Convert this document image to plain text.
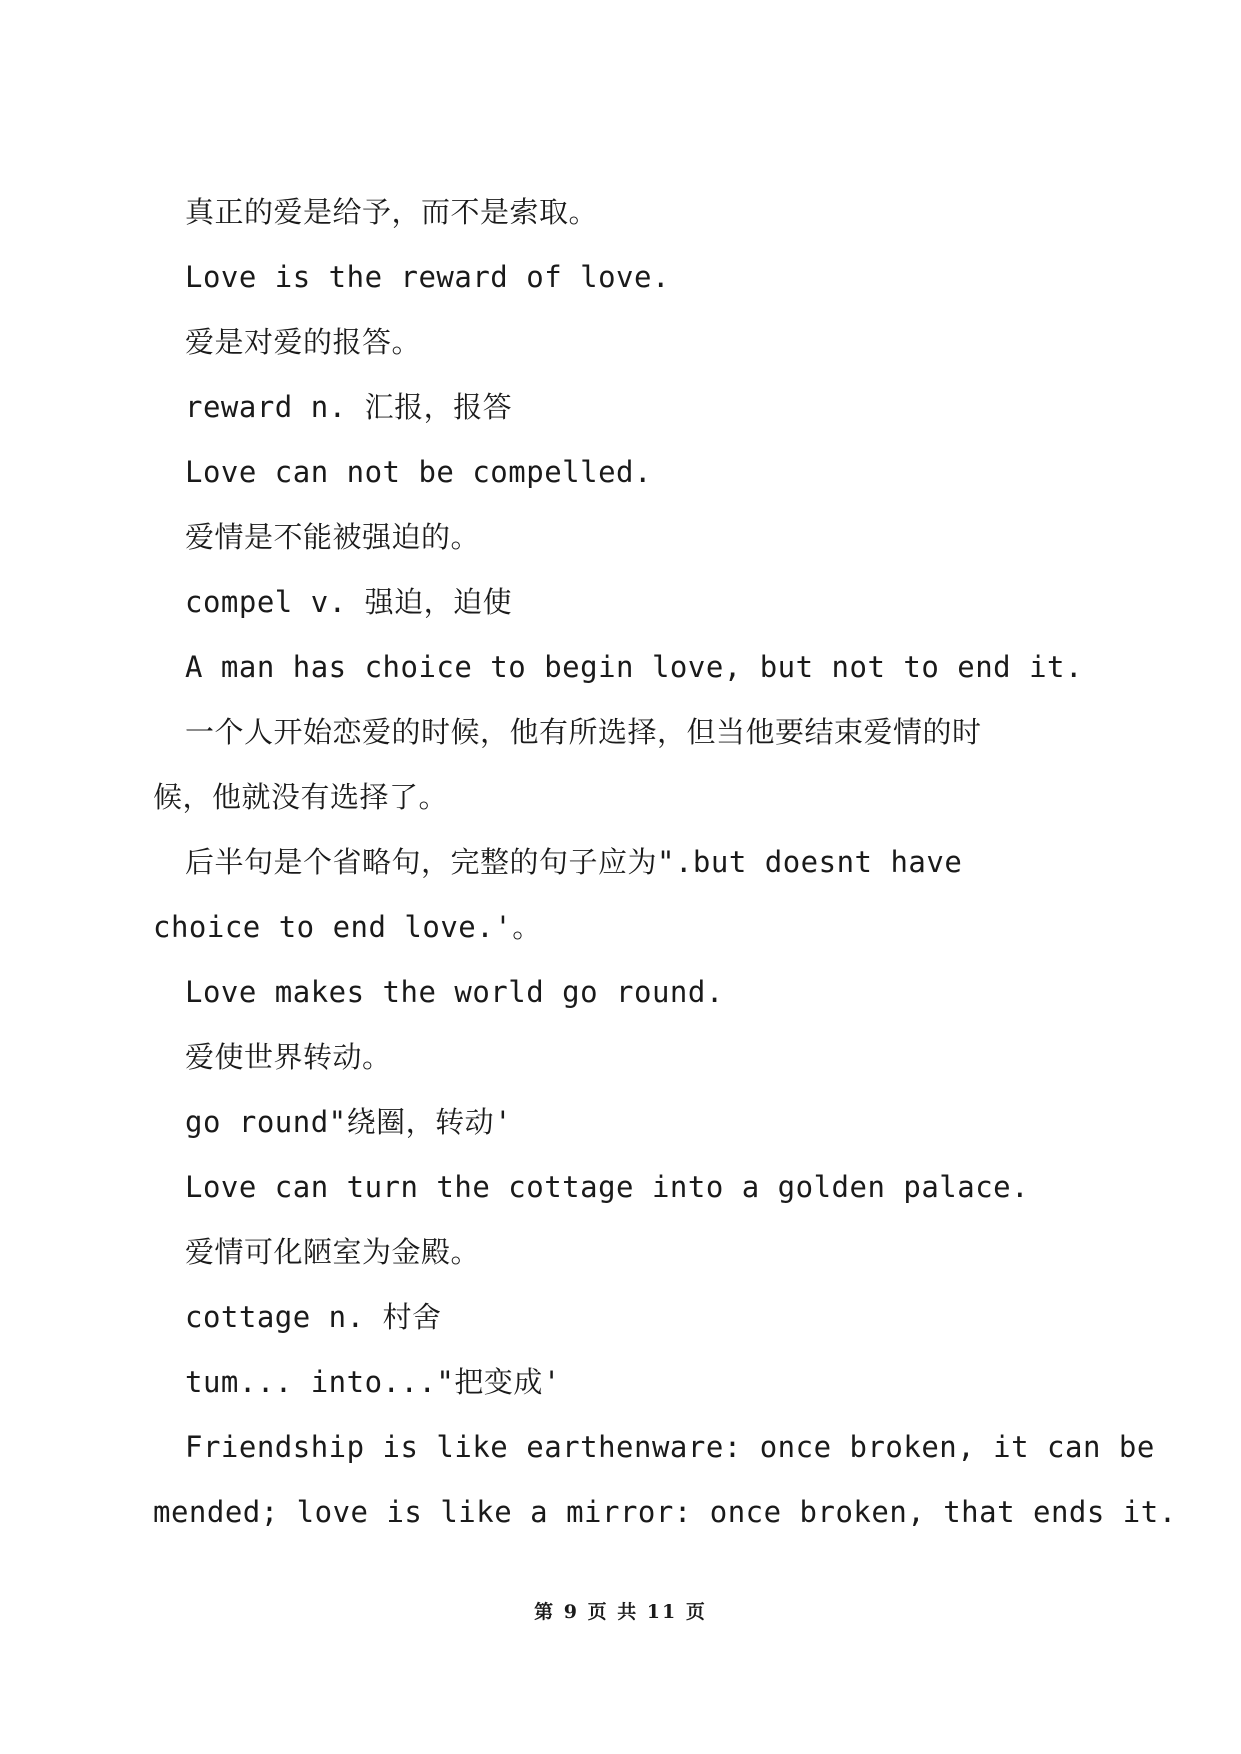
真正的爱是给予，而不是索取。
Love is the reward of love.
爱是对爱的报答。
reward n. 汇报，报答
Love can not be compelled.
爱情是不能被强迫的。
compel v. 强迫，迫使
A man has choice to begin love, but not to end it.
一个人开始恋爱的时候，他有所选择，但当他要结束爱情的时
候，他就没有选择了。
后半句是个省略句，完整的句子应为".but doesnt have
choice to end love.'。
Love makes the world go round.
爱使世界转动。
go round"绕圈，转动'
Love can turn the cottage into a golden palace.
爱情可化陋室为金殿。
cottage n. 村舍
tum... into..."把变成'
Friendship is like earthenware: once broken, it can be
mended; love is like a mirror: once broken, that ends it.
第 9 页 共 11 页
